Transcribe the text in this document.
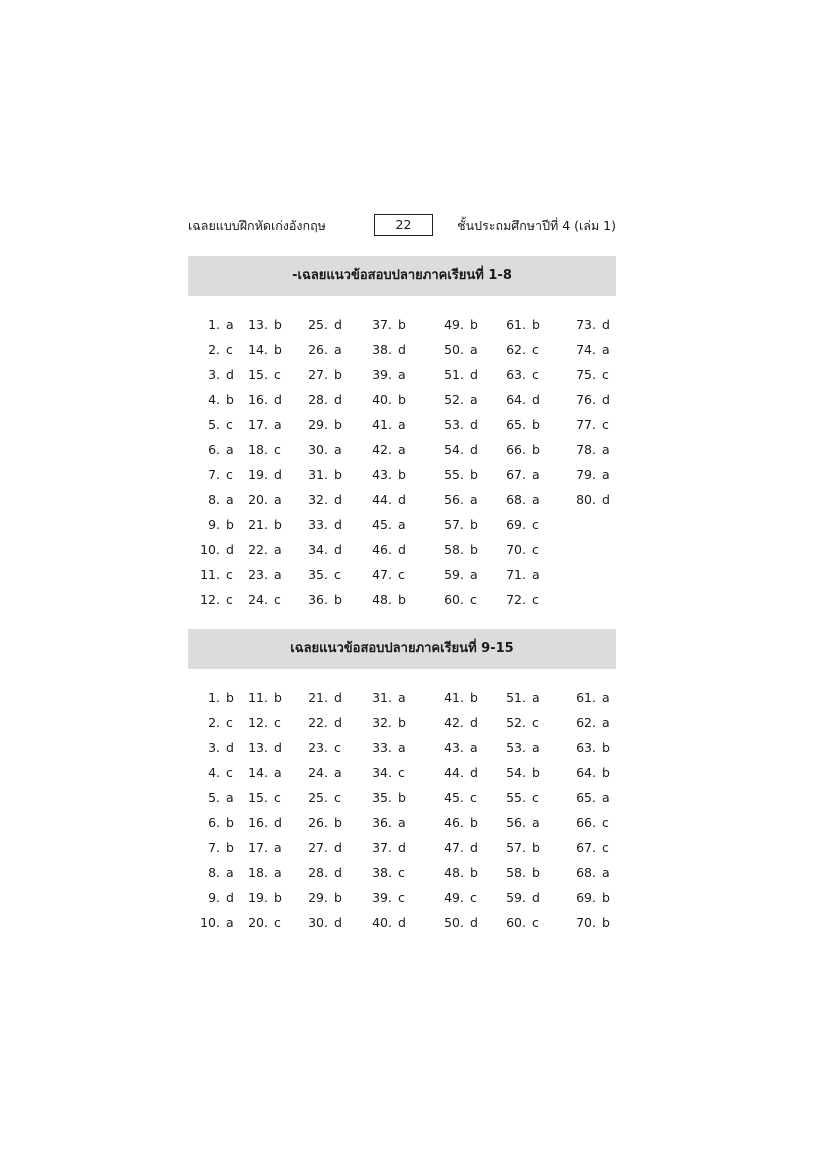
เฉลยแบบฝึกหัดเก่งอังกฤษ	22	ชั้นประถมศึกษาปีที่ 4 (เล่ม 1)
-เฉลยแนวข้อสอบปลายภาคเรียนที่ 1-8
1. a
2. c
3. d
4. b
5. c
6. a
7. c
8. a
9. b
10. d
11. c
12. c
13. b
14. b
15. c
16. d
17. a
18. c
19. d
20. a
21. b
22. a
23. a
24. c
25. d
26. a
27. b
28. d
29. b
30. a
31. b
32. d
33. d
34. d
35. c
36. b
37. b
38. d
39. a
40. b
41. a
42. a
43. b
44. d
45. a
46. d
47. c
48. b
49. b
50. a
51. d
52. a
53. d
54. d
55. b
56. a
57. b
58. b
59. a
60. c
61. b
62. c
63. c
64. d
65. b
66. b
67. a
68. a
69. c
70. c
71. a
72. c
73. d
74. a
75. c
76. d
77. c
78. a
79. a
80. d
เฉลยแนวข้อสอบปลายภาคเรียนที่ 9-15
1. b
2. c
3. d
4. c
5. a
6. b
7. b
8. a
9. d
10. a
11. b
12. c
13. d
14. a
15. c
16. d
17. a
18. a
19. b
20. c
21. d
22. d
23. c
24. a
25. c
26. b
27. d
28. d
29. b
30. d
31. a
32. b
33. a
34. c
35. b
36. a
37. d
38. c
39. c
40. d
41. b
42. d
43. a
44. d
45. c
46. b
47. d
48. b
49. c
50. d
51. a
52. c
53. a
54. b
55. c
56. a
57. b
58. b
59. d
60. c
61. a
62. a
63. b
64. b
65. a
66. c
67. c
68. a
69. b
70. b
